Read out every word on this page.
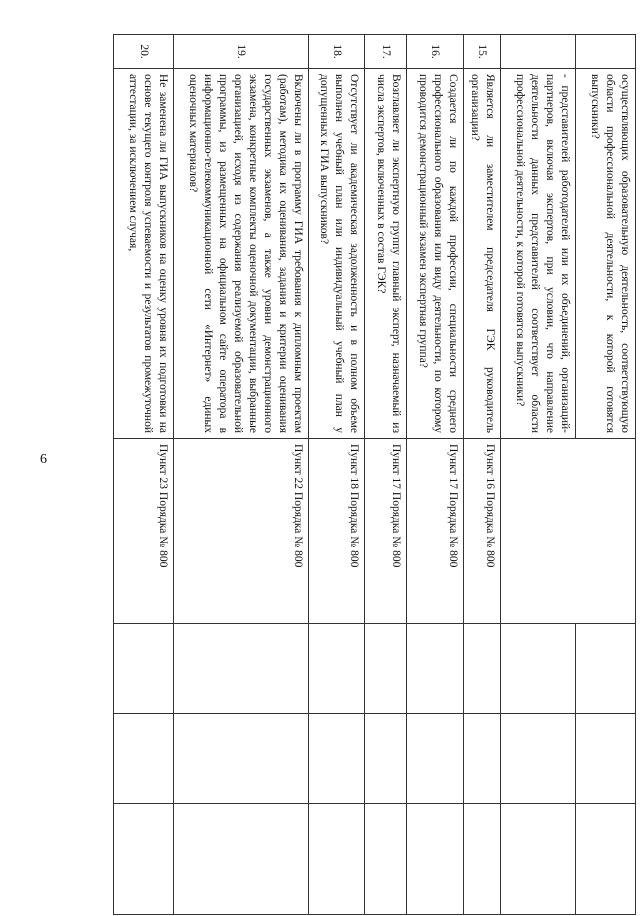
6
	осуществляющих образовательную деятельность, соответствующую области профессиональной деятельности, к которой готовятся выпускники?				
	- представителей работодателей или их объединений, организаций-партнеров, включая экспертов, при условии, что направление деятельности данных представителей соответствует области профессиональной деятельности, к которой готовятся выпускники?				
15.	Является ли заместителем председателя ГЭК руководитель организации?	Пункт 16 Порядка № 800			
16.	Создается ли по каждой профессии, специальности среднего профессионального образования или виду деятельности, по которому проводится демонстрационный экзамен экспертная группа?	Пункт 17 Порядка № 800			
17.	Возглавляет ли экспертную группу главный эксперт, назначаемый из числа экспертов, включенных в состав ГЭК?	Пункт 17 Порядка № 800			
18.	Отсутствует ли академическая задолженность и в полном объеме выполнен учебный план или индивидуальный учебный план у допущенных к ГИА выпускников?	Пункт 18 Порядка № 800			
19.	Включены ли в программу ГИА требования к дипломным проектам (работам), методика их оценивания, задания и критерии оценивания государственных экзаменов, а также уровни демонстрационного экзамена, конкретные комплекты оценочной документации, выбранные организацией, исходя из содержания реализуемой образовательной программы, из размещенных на официальном сайте оператора в информационно-телекоммуникационной сети «Интернет» единых оценочных материалов?	Пункт 22 Порядка № 800			
20.	Не заменена ли ГИА выпускников на оценку уровня их подготовки на основе текущего контроля успеваемости и результатов промежуточной аттестации, за исключением случая,	Пункт 23 Порядка № 800			
